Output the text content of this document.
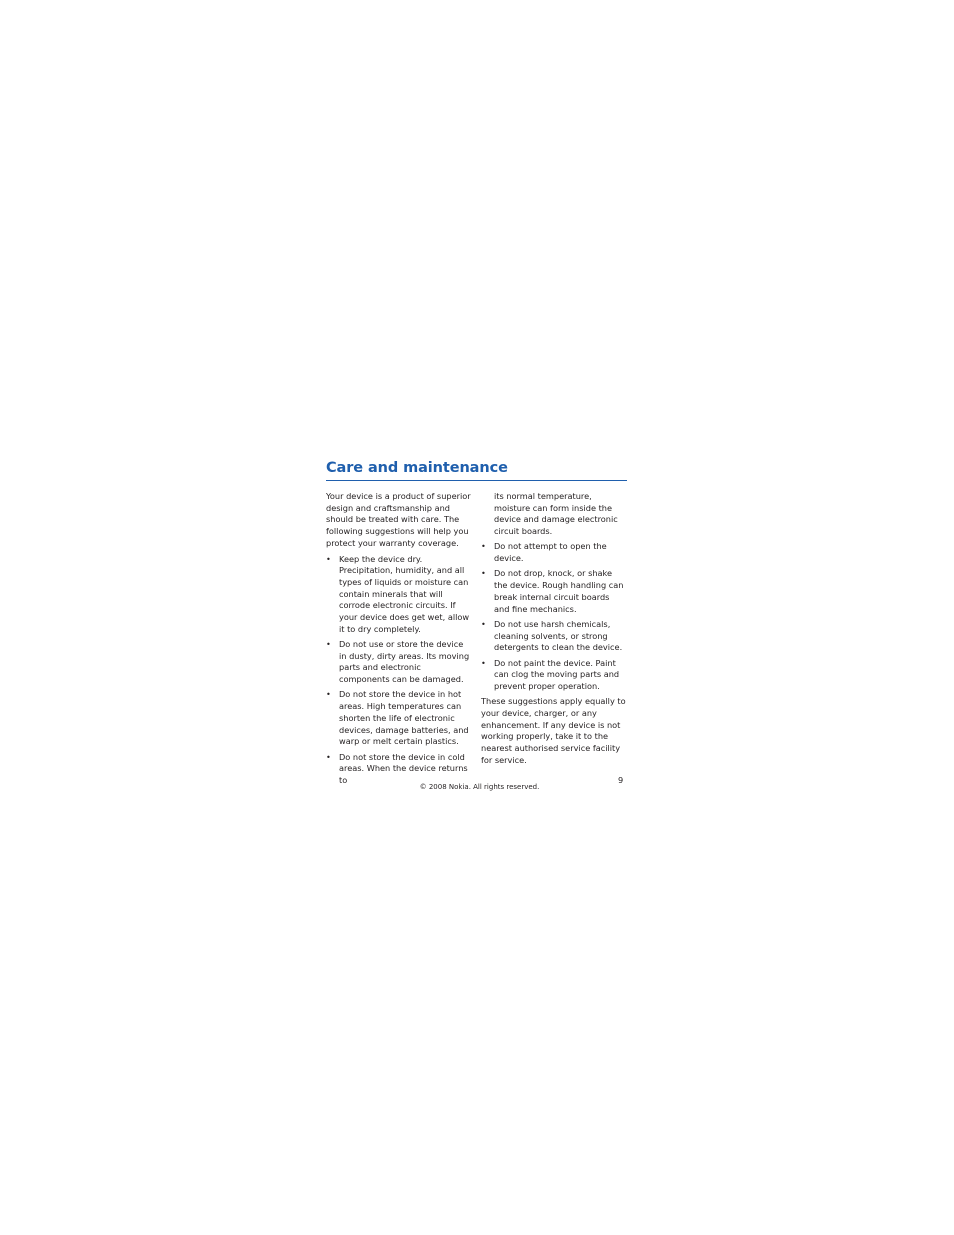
Care and maintenance

Your device is a product of superior design and craftsmanship and should be treated with care. The following suggestions will help you protect your warranty coverage.

• Keep the device dry. Precipitation, humidity, and all types of liquids or moisture can contain minerals that will corrode electronic circuits. If your device does get wet, allow it to dry completely.
• Do not use or store the device in dusty, dirty areas. Its moving parts and electronic components can be damaged.
• Do not store the device in hot areas. High temperatures can shorten the life of electronic devices, damage batteries, and warp or melt certain plastics.
• Do not store the device in cold areas. When the device returns to
its normal temperature, moisture can form inside the device and damage electronic circuit boards.
• Do not attempt to open the device.
• Do not drop, knock, or shake the device. Rough handling can break internal circuit boards and fine mechanics.
• Do not use harsh chemicals, cleaning solvents, or strong detergents to clean the device.
• Do not paint the device. Paint can clog the moving parts and prevent proper operation.

These suggestions apply equally to your device, charger, or any enhancement. If any device is not working properly, take it to the nearest authorised service facility for service.

9
© 2008 Nokia. All rights reserved.
